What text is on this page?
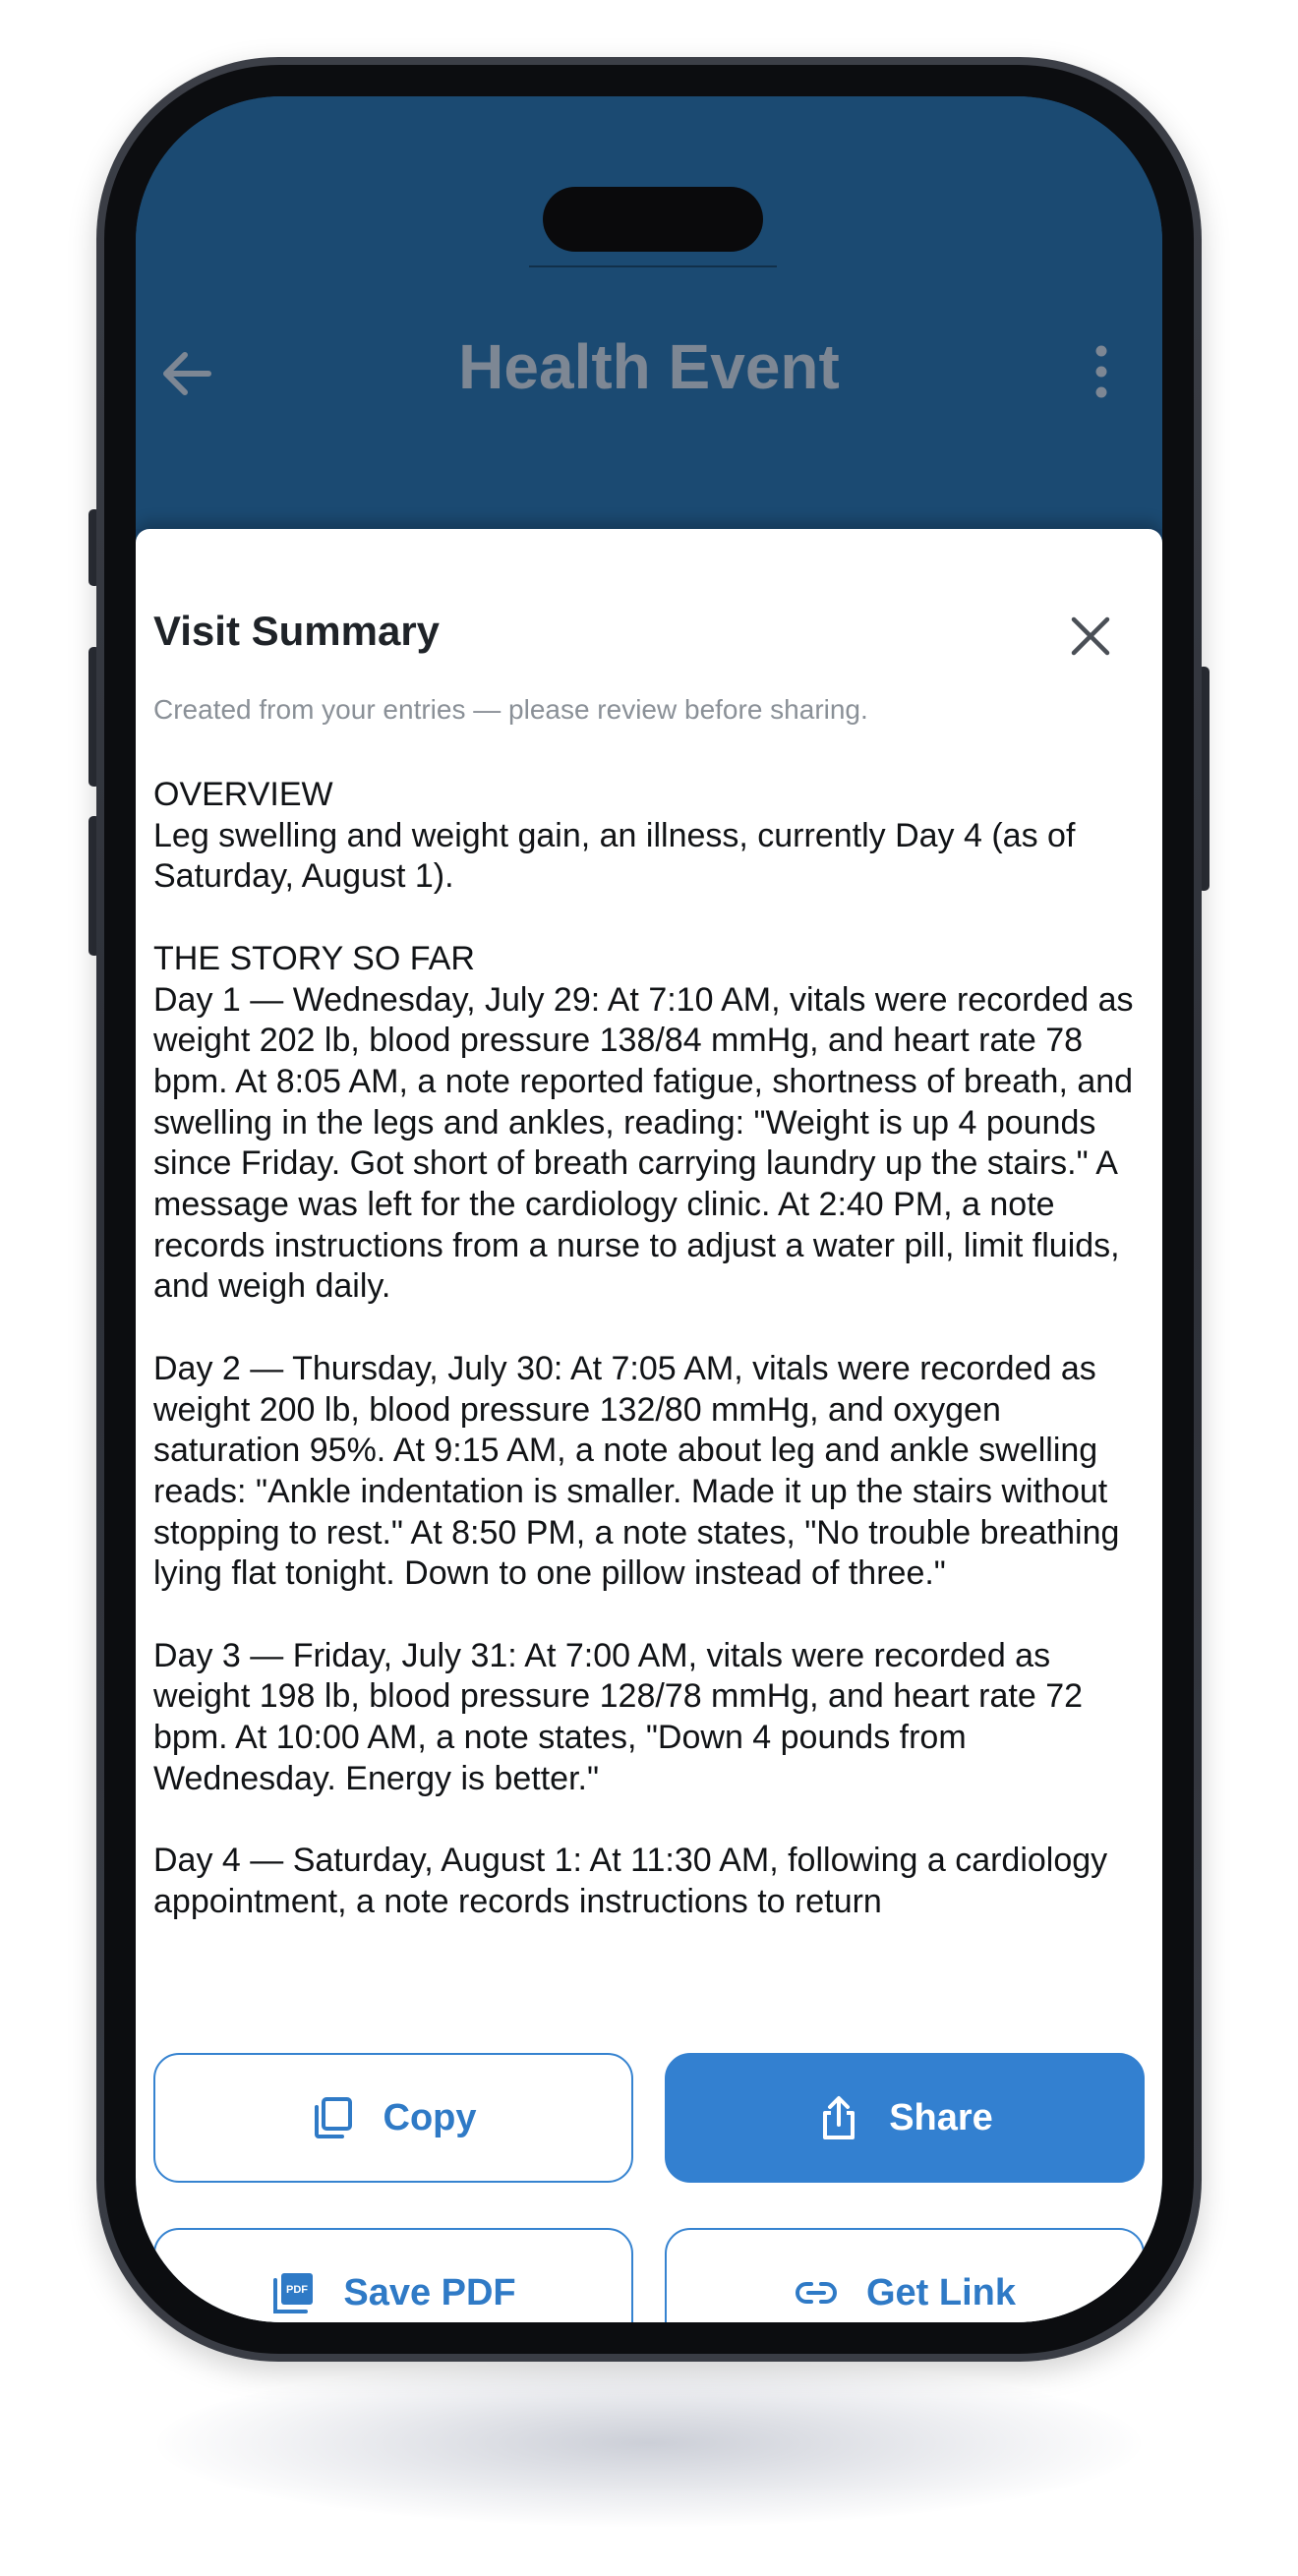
Health Event
Visit Summary
Created from your entries — please review before sharing.

OVERVIEW
Leg swelling and weight gain, an illness, currently Day 4 (as of Saturday, August 1).

THE STORY SO FAR
Day 1 — Wednesday, July 29: At 7:10 AM, vitals were recorded as weight 202 lb, blood pressure 138/84 mmHg, and heart rate 78 bpm. At 8:05 AM, a note reported fatigue, shortness of breath, and swelling in the legs and ankles, reading: "Weight is up 4 pounds since Friday. Got short of breath carrying laundry up the stairs." A message was left for the cardiology clinic. At 2:40 PM, a note records instructions from a nurse to adjust a water pill, limit fluids, and weigh daily.

Day 2 — Thursday, July 30: At 7:05 AM, vitals were recorded as weight 200 lb, blood pressure 132/80 mmHg, and oxygen saturation 95%. At 9:15 AM, a note about leg and ankle swelling reads: "Ankle indentation is smaller. Made it up the stairs without stopping to rest." At 8:50 PM, a note states, "No trouble breathing lying flat tonight. Down to one pillow instead of three."

Day 3 — Friday, July 31: At 7:00 AM, vitals were recorded as weight 198 lb, blood pressure 128/78 mmHg, and heart rate 72 bpm. At 10:00 AM, a note states, "Down 4 pounds from Wednesday. Energy is better."

Day 4 — Saturday, August 1: At 11:30 AM, following a cardiology appointment, a note records instructions to return

Copy	Share
PDF Save PDF	Get Link
